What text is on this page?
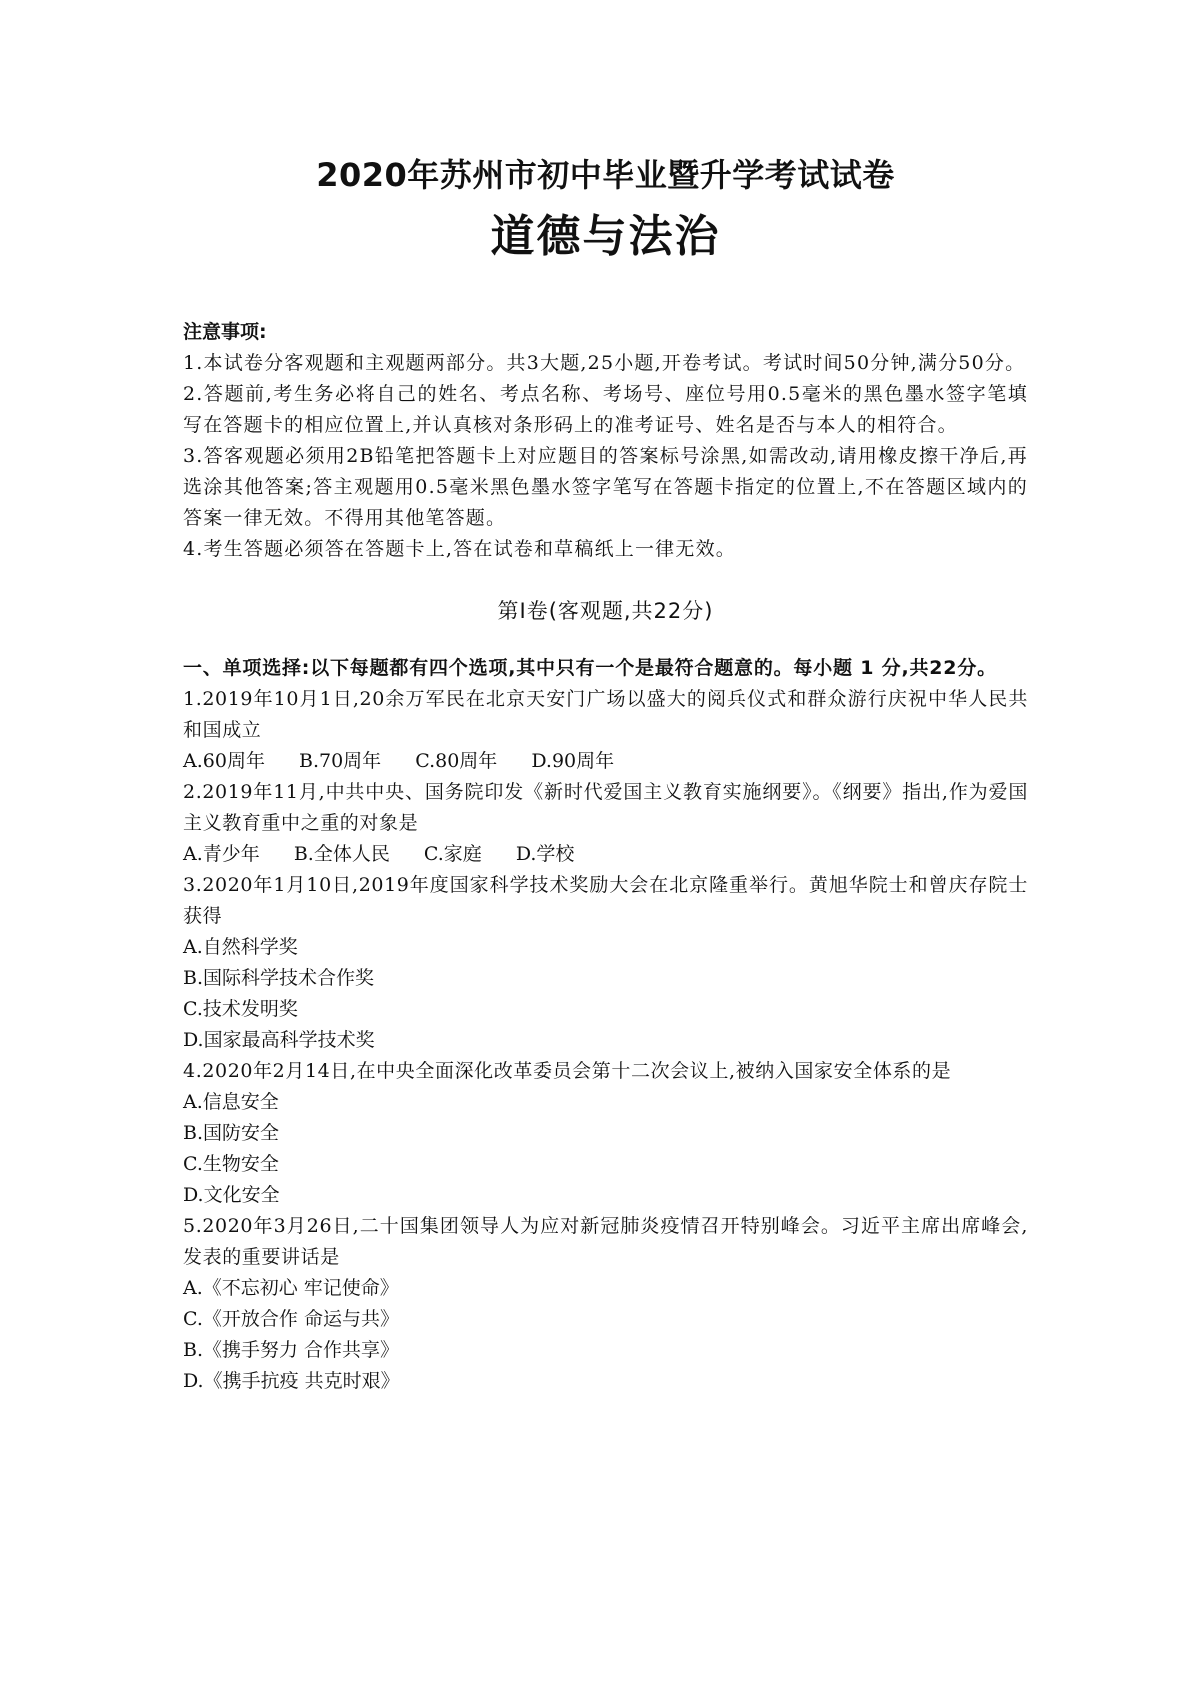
2020年苏州市初中毕业暨升学考试试卷
道德与法治
注意事项:
1.本试卷分客观题和主观题两部分。共3大题,25小题,开卷考试。考试时间50分钟,满分50分。
2.答题前,考生务必将自己的姓名、考点名称、考场号、座位号用0.5毫米的黑色墨水签字笔填写在答题卡的相应位置上,并认真核对条形码上的准考证号、姓名是否与本人的相符合。
3.答客观题必须用2B铅笔把答题卡上对应题目的答案标号涂黑,如需改动,请用橡皮擦干净后,再选涂其他答案;答主观题用0.5毫米黑色墨水签字笔写在答题卡指定的位置上,不在答题区域内的答案一律无效。不得用其他笔答题。
4.考生答题必须答在答题卡上,答在试卷和草稿纸上一律无效。
第Ⅰ卷(客观题,共22分)
一、单项选择:以下每题都有四个选项,其中只有一个是最符合题意的。每小题 1 分,共22分。
1.2019年10月1日,20余万军民在北京天安门广场以盛大的阅兵仪式和群众游行庆祝中华人民共和国成立
A.60周年 B.70周年 C.80周年 D.90周年
2.2019年11月,中共中央、国务院印发《新时代爱国主义教育实施纲要》。《纲要》指出,作为爱国主义教育重中之重的对象是
A.青少年 B.全体人民 C.家庭 D.学校
3.2020年1月10日,2019年度国家科学技术奖励大会在北京隆重举行。黄旭华院士和曾庆存院士获得
A.自然科学奖
B.国际科学技术合作奖
C.技术发明奖
D.国家最高科学技术奖
4.2020年2月14日,在中央全面深化改革委员会第十二次会议上,被纳入国家安全体系的是
A.信息安全
B.国防安全
C.生物安全
D.文化安全
5.2020年3月26日,二十国集团领导人为应对新冠肺炎疫情召开特别峰会。习近平主席出席峰会,发表的重要讲话是
A.《不忘初心 牢记使命》
C.《开放合作 命运与共》
B.《携手努力 合作共享》
D.《携手抗疫 共克时艰》
